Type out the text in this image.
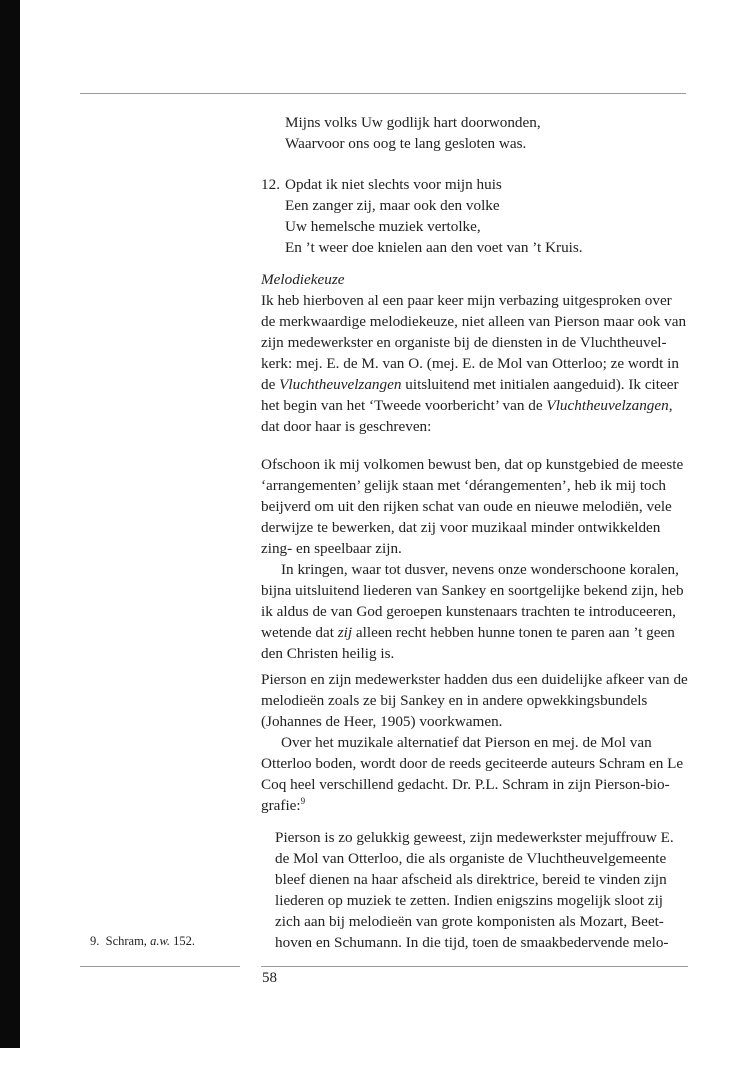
Mijns volks Uw godlijk hart doorwonden,
Waarvoor ons oog te lang gesloten was.
12. Opdat ik niet slechts voor mijn huis
Een zanger zij, maar ook den volke
Uw hemelsche muziek vertolke,
En ’t weer doe knielen aan den voet van ’t Kruis.
Melodiekeuze
Ik heb hierboven al een paar keer mijn verbazing uitgesproken over
de merkwaardige melodiekeuze, niet alleen van Pierson maar ook van
zijn medewerkster en organiste bij de diensten in de Vluchtheuvel-
kerk: mej. E. de M. van O. (mej. E. de Mol van Otterloo; ze wordt in
de Vluchtheuvelzangen uitsluitend met initialen aangeduid). Ik citeer
het begin van het ‘Tweede voorbericht’ van de Vluchtheuvelzangen,
dat door haar is geschreven:
Ofschoon ik mij volkomen bewust ben, dat op kunstgebied de meeste
‘arrangementen’ gelijk staan met ‘dérangementen’, heb ik mij toch
beijverd om uit den rijken schat van oude en nieuwe melodiën, vele
derwijze te bewerken, dat zij voor muzikaal minder ontwikkelden
zing- en speelbaar zijn.
In kringen, waar tot dusver, nevens onze wonderschoone koralen,
bijna uitsluitend liederen van Sankey en soortgelijke bekend zijn, heb
ik aldus de van God geroepen kunstenaars trachten te introduceeren,
wetende dat zij alleen recht hebben hunne tonen te paren aan ’t geen
den Christen heilig is.
Pierson en zijn medewerkster hadden dus een duidelijke afkeer van de
melodieën zoals ze bij Sankey en in andere opwekkingsbundels
(Johannes de Heer, 1905) voorkwamen.
Over het muzikale alternatief dat Pierson en mej. de Mol van
Otterloo boden, wordt door de reeds geciteerde auteurs Schram en Le
Coq heel verschillend gedacht. Dr. P.L. Schram in zijn Pierson-bio-
grafie:$^9$
Pierson is zo gelukkig geweest, zijn medewerkster mejuffrouw E.
de Mol van Otterloo, die als organiste de Vluchtheuvelgemeente
bleef dienen na haar afscheid als direktrice, bereid te vinden zijn
liederen op muziek te zetten. Indien enigszins mogelijk sloot zij
zich aan bij melodieën van grote komponisten als Mozart, Beet-
hoven en Schumann. In die tijd, toen de smaakbedervende melo-
9. Schram, a.w. 152.
58
